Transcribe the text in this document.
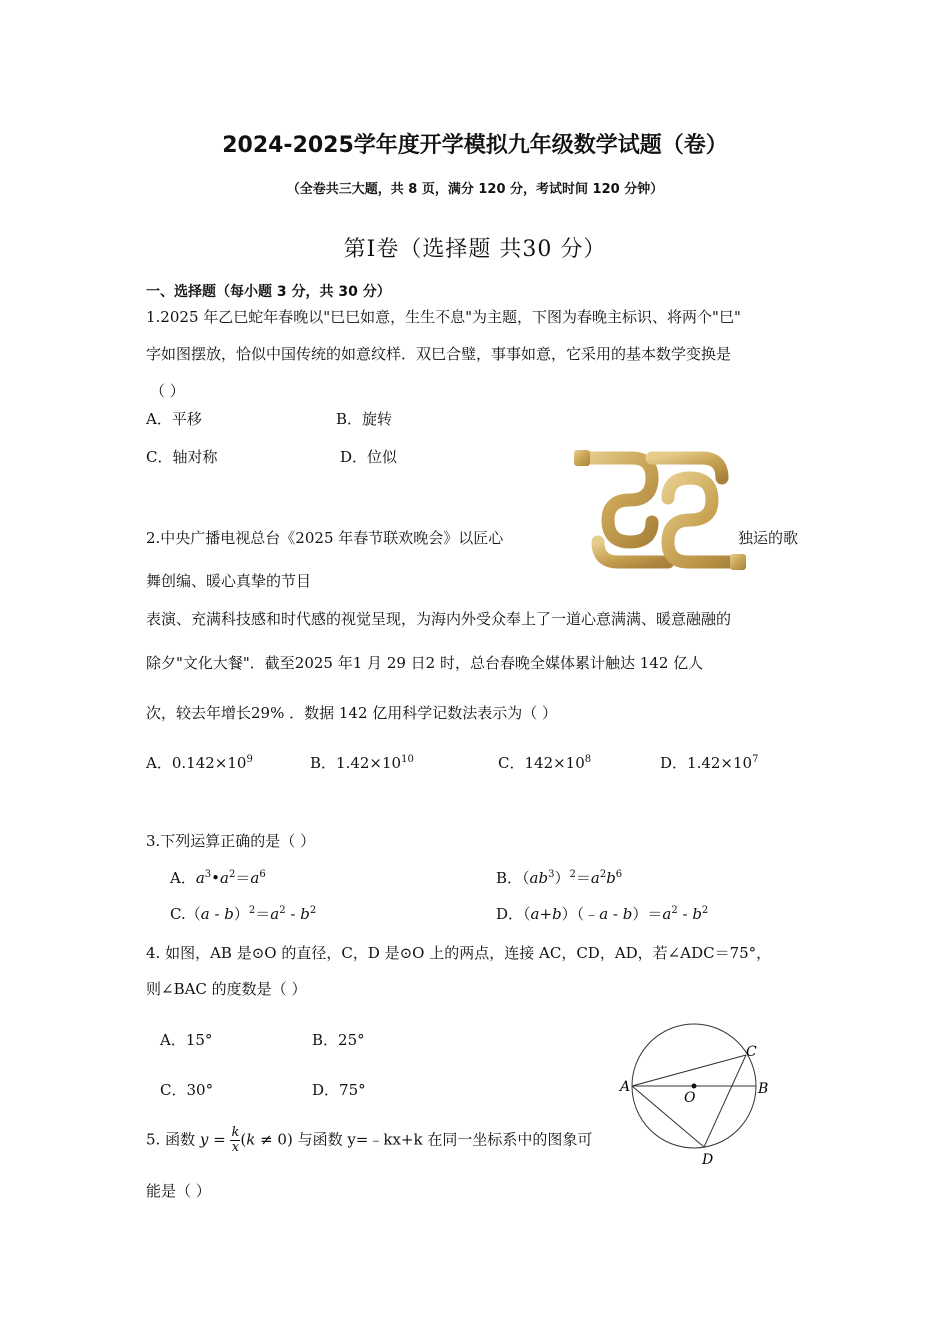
2024-2025学年度开学模拟九年级数学试题（卷）
（全卷共三大题，共 8 页，满分 120 分，考试时间 120 分钟）
第Ⅰ卷（选择题 共30 分）
一、选择题（每小题 3 分，共 30 分）
1.2025 年乙巳蛇年春晚以"巳巳如意，生生不息"为主题，下图为春晚主标识、将两个"巳"
字如图摆放，恰似中国传统的如意纹样．双巳合璧，事事如意，它采用的基本数学变换是
（ ）
A．平移	B．旋转
C．轴对称	D．位似
2.中央广播电视总台《2025 年春节联欢晚会》以匠心	独运的歌
舞创编、暖心真挚的节目
表演、充满科技感和时代感的视觉呈现，为海内外受众奉上了一道心意满满、暖意融融的
除夕"文化大餐"．截至2025 年1 月 29 日2 时，总台春晚全媒体累计触达 142 亿人
次，较去年增长29% ．数据 142 亿用科学记数法表示为（ ）
A．$0.142\times 10^9$	B．$1.42\times 10^{10}$	C．$142\times 10^8$	D．$1.42\times 10^7$
3.下列运算正确的是（ ）
A．$a^3•a^2=a^6$	B．$(ab^3)^2=a^2b^6$
$C.(a - b)^2=a^2 - b^2$	D．（a+b）（﹣a - $b)=a^2 - b^2$
4. 如图，AB 是⊙O 的直径，C，D 是⊙O 上的两点，连接 AC，CD，AD，若∠ADC＝75°，
则∠BAC 的度数是（ ）
A．15°	B．25°
C．30°	D．75°	A	B
C
D
O
5. 函数 $y = \frac{k}{x} (k \ne 0)$ 与函数 y=﹣kx+k 在同一坐标系中的图象可
能是（ ）
